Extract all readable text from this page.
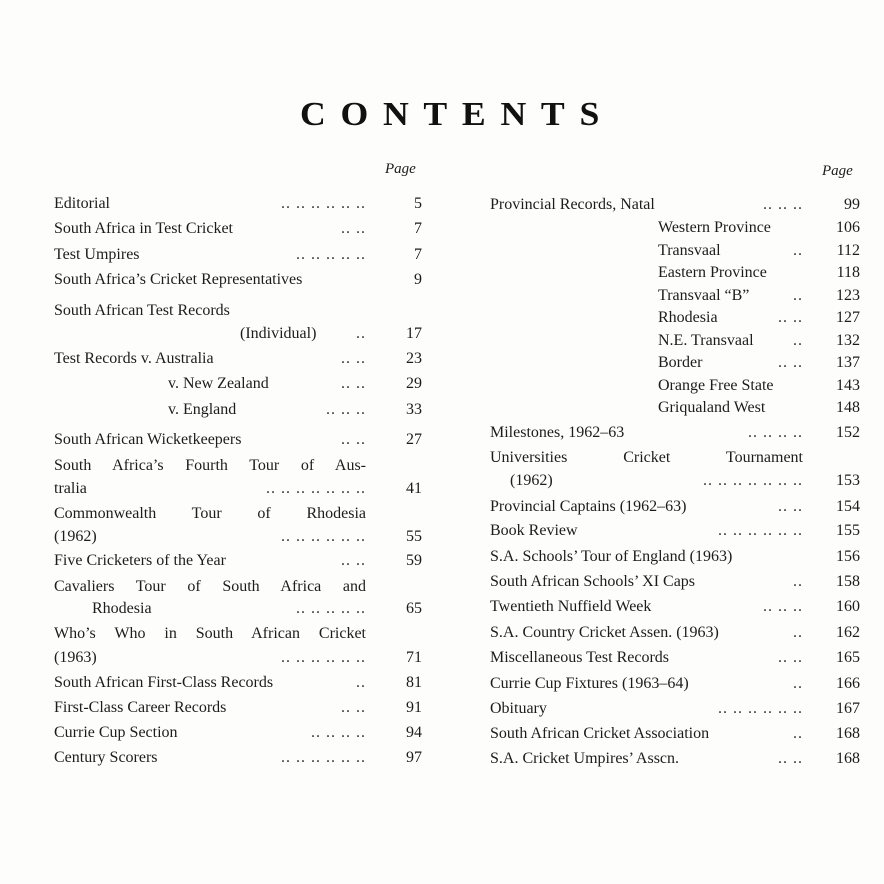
CONTENTS
Page	Page
Editorial	.. .. .. .. .. ..	5
South Africa in Test Cricket	.. ..	7
Test Umpires	.. .. .. .. ..	7
South Africa’s Cricket Representatives	9
South African Test Records
(Individual) ..	17
Test Records v. Australia	.. ..	23
v. New Zealand	.. ..	29
v. England	.. .. ..	33
South African Wicketkeepers	.. ..	27
South Africa’s Fourth Tour of Aus-
tralia	.. .. .. .. .. .. ..	41
Commonwealth Tour of Rhodesia
(1962)	.. .. .. .. .. ..	55
Five Cricketers of the Year	.. ..	59
Cavaliers Tour of South Africa and
Rhodesia	.. .. .. .. ..	65
Who’s Who in South African Cricket
(1963)	.. .. .. .. .. ..	71
South African First-Class Records	..	81
First-Class Career Records	.. ..	91
Currie Cup Section	.. .. .. ..	94
Century Scorers	.. .. .. .. .. ..	97
Provincial Records, Natal	.. .. ..	99
Western Province	106
Transvaal	..	112
Eastern Province	118
Transvaal “B”	..	123
Rhodesia	.. ..	127
N.E. Transvaal ..	132
Border	.. ..	137
Orange Free State	143
Griqualand West	148
Milestones, 1962–63	.. .. .. ..	152
Universities Cricket Tournament
(1962)	.. .. .. .. .. .. ..	153
Provincial Captains (1962–63)	.. ..	154
Book Review	.. .. .. .. .. ..	155
S.A. Schools’ Tour of England (1963)	156
South African Schools’ XI Caps	..	158
Twentieth Nuffield Week	.. .. ..	160
S.A. Country Cricket Assen. (1963)	..	162
Miscellaneous Test Records	.. ..	165
Currie Cup Fixtures (1963–64)	..	166
Obituary	.. .. .. .. .. ..	167
South African Cricket Association	..	168
S.A. Cricket Umpires’ Asscn.	.. ..	168
